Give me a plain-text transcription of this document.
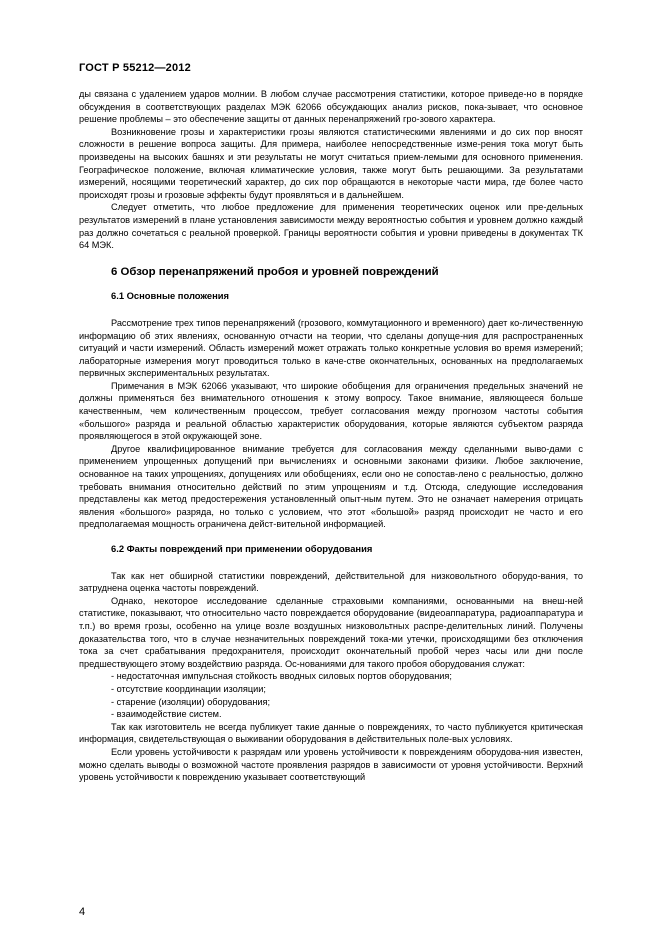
ГОСТ Р 55212—2012

ды связана с удалением ударов молнии. В любом случае рассмотрения статистики, которое приведе-но в порядке обсуждения в соответствующих разделах МЭК 62066 обсуждающих анализ рисков, пока-зывает, что основное решение проблемы – это обеспечение защиты от данных перенапряжений гро-зового характера.

Возникновение грозы и характеристики грозы являются статистическими явлениями и до сих пор вносят сложности в решение вопроса защиты. Для примера, наиболее непосредственные изме-рения тока могут быть произведены на высоких башнях и эти результаты не могут считаться прием-лемыми для основного применения. Географическое положение, включая климатические условия, также могут быть решающими. За результатами измерений, носящими теоретический характер, до сих пор обращаются в некоторые части мира, где более часто происходят грозы и грозовые эффекты будут проявляться и в дальнейшем.

Следует отметить, что любое предложение для применения теоретических оценок или пре-дельных результатов измерений в плане установления зависимости между вероятностью события и уровнем должно каждый раз должно сочетаться с реальной проверкой. Границы вероятности события и уровни приведены в документах ТК 64 МЭК.

6 Обзор перенапряжений пробоя и уровней повреждений
6.1 Основные положения

Рассмотрение трех типов перенапряжений (грозового, коммутационного и временного) дает ко-личественную информацию об этих явлениях, основанную отчасти на теории, что сделаны допуще-ния для распространенных ситуаций и части измерений. Область измерений может отражать только конкретные условия во время измерений; лабораторные измерения могут проводиться только в каче-стве окончательных, основанных на предполагаемых первичных экспериментальных результатах.

Примечания в МЭК 62066 указывают, что широкие обобщения для ограничения предельных значений не должны применяться без внимательного отношения к этому вопросу. Такое внимание, являющееся больше качественным, чем количественным процессом, требует согласования между прогнозом частоты события «большого» разряда и реальной областью характеристик оборудования, которые являются субъектом разряда проявляющегося в этой окружающей зоне.

Другое квалифицированное внимание требуется для согласования между сделанными выво-дами с применением упрощенных допущений при вычислениях и основными законами физики. Любое заключение, основанное на таких упрощениях, допущениях или обобщениях, если оно не сопостав-лено с реальностью, должно требовать внимания относительно действий по этим упрощениям и т.д. Отсюда, следующие исследования представлены как метод предостережения установленный опыт-ным путем. Это не означает намерения отрицать явления «большого» разряда, но только с условием, что этот «большой» разряд происходит не часто и его предполагаемая мощность ограничена дейст-вительной информацией.

6.2 Факты повреждений при применении оборудования

Так как нет обширной статистики повреждений, действительной для низковольтного оборудо-вания, то затруднена оценка частоты повреждений.

Однако, некоторое исследование сделанные страховыми компаниями, основанными на внеш-ней статистике, показывают, что относительно часто повреждается оборудование (видеоаппаратура, радиоаппаратура и т.п.) во время грозы, особенно на улице возле воздушных низковольтных распре-делительных линий. Получены доказательства того, что в случае незначительных повреждений тока-ми утечки, происходящими без отключения тока за счет срабатывания предохранителя, происходит окончательный пробой через часы или дни после предшествующего этому воздействию разряда. Ос-нованиями для такого пробоя оборудования служат:

- недостаточная импульсная стойкость вводных силовых портов оборудования;
- отсутствие координации изоляции;
- старение (изоляции) оборудования;
- взаимодействие систем.

Так как изготовитель не всегда публикует такие данные о повреждениях, то часто публикуется критическая информация, свидетельствующая о выживании оборудования в действительных поле-вых условиях.

Если уровень устойчивости к разрядам или уровень устойчивости к повреждениям оборудова-ния известен, можно сделать выводы о возможной частоте проявления разрядов в зависимости от уровня устойчивости. Верхний уровень устойчивости к повреждению указывает соответствующий

4
